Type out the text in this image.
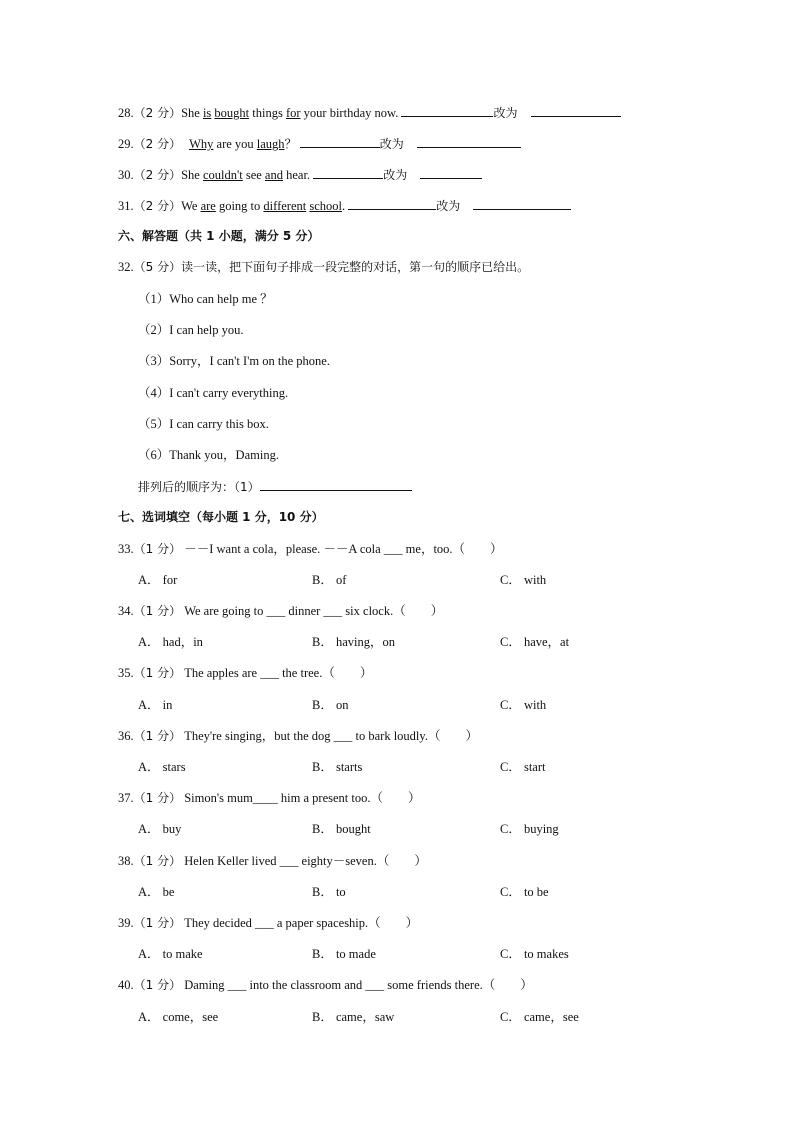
28.（2 分）She is bought things for your birthday now.	改为
29.（2 分） Why are you laugh？	改为
30.（2 分）She couldn't see and hear.	改为
31.（2 分）We are going to different school.	改为
六、解答题（共 1 小题，满分 5 分）
32.（5 分）读一读，把下面句子排成一段完整的对话，第一句的顺序已给出。
（1）Who can help me ？
（2）I can help you.
（3）Sorry，I can't I'm on the phone.
（4）I can't carry everything.
（5）I can carry this box.
（6）Thank you，Daming.
排列后的顺序为：（1）
七、选词填空（每小题 1 分，10 分）
33.（1 分） －－I want a cola，please. －－A cola ___ me，too.（　　）
A． for	B． of	C． with
34.（1 分） We are going to ___ dinner ___ six clock.（　　）
A． had，in	B． having，on	C． have，at
35.（1 分） The apples are ___ the tree.（　　）
A． in	B． on	C． with
36.（1 分） They're singing，but the dog ___ to bark loudly.（　　）
A． stars	B． starts	C． start
37.（1 分） Simon's mum____ him a present too.（　　）
A． buy	B． bought	C． buying
38.（1 分） Helen Keller lived ___ eighty－seven.（　　）
A． be	B． to	C． to be
39.（1 分） They decided ___ a paper spaceship.（　　）
A． to make	B． to made	C． to makes
40.（1 分） Daming ___ into the classroom and ___ some friends there.（　　）
A． come，see	B． came，saw	C． came，see
